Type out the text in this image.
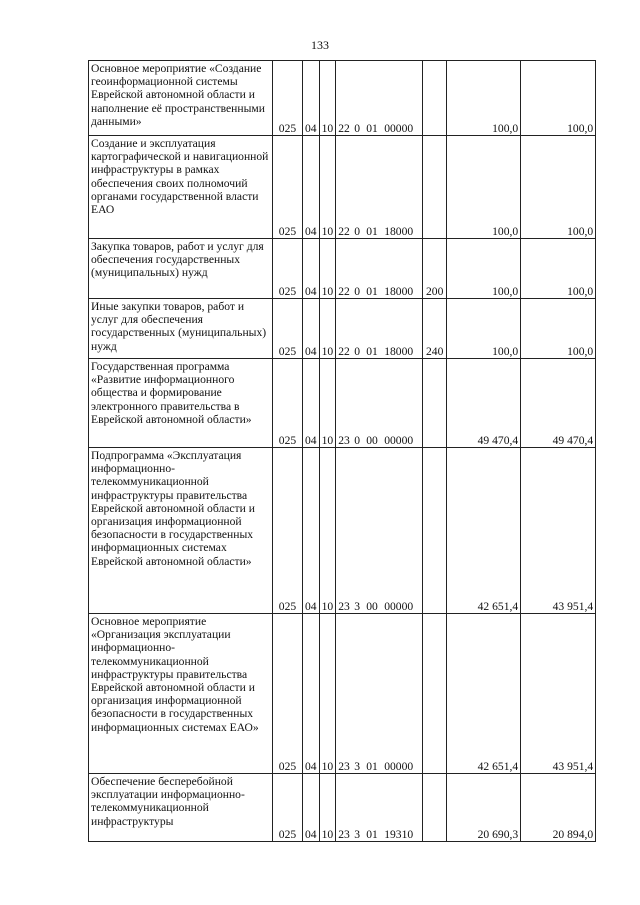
133
Основное мероприятие «Создание геоинформационной системы Еврейской автономной области и наполнение её пространственными данными»	025	04	10	22 0 01 00000		100,0	100,0
Создание и эксплуатация картографической и навигационной инфраструктуры в рамках обеспечения своих полномочий органами государственной власти ЕАО	025	04	10	22 0 01 18000		100,0	100,0
Закупка товаров, работ и услуг для обеспечения государственных (муниципальных) нужд	025	04	10	22 0 01 18000	200	100,0	100,0
Иные закупки товаров, работ и услуг для обеспечения государственных (муниципальных) нужд	025	04	10	22 0 01 18000	240	100,0	100,0
Государственная программа «Развитие информационного общества и формирование электронного правительства в Еврейской автономной области»	025	04	10	23 0 00 00000		49 470,4	49 470,4
Подпрограмма «Эксплуатация информационно-телекоммуникационной инфраструктуры правительства Еврейской автономной области и организация информационной безопасности в государственных информационных системах Еврейской автономной области»	025	04	10	23 3 00 00000		42 651,4	43 951,4
Основное мероприятие «Организация эксплуатации информационно-телекоммуникационной инфраструктуры правительства Еврейской автономной области и организация информационной безопасности в государственных информационных системах ЕАО»	025	04	10	23 3 01 00000		42 651,4	43 951,4
Обеспечение бесперебойной эксплуатации информационно-телекоммуникационной инфраструктуры	025	04	10	23 3 01 19310		20 690,3	20 894,0
